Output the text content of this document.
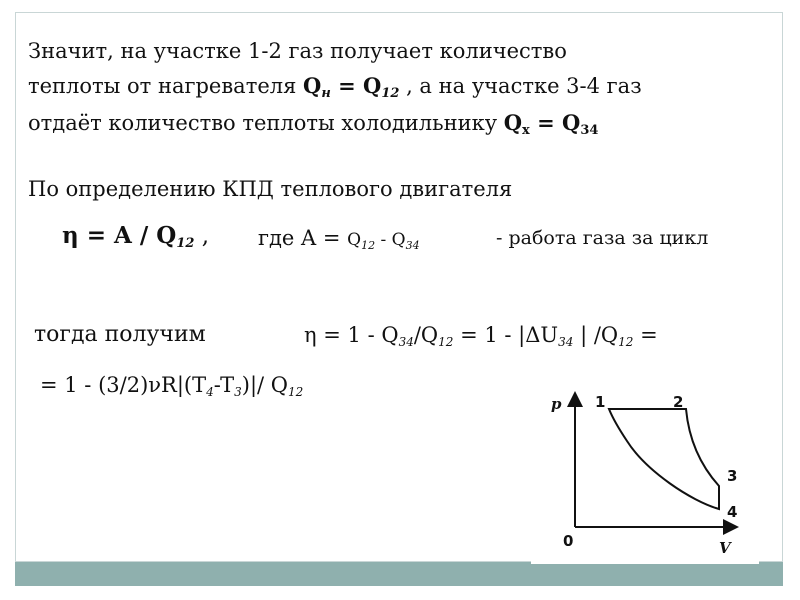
Значит, на участке 1-2 газ получает количество
теплоты от нагревателя Qн = Q12 , а на участке 3-4 газ
отдаёт количество теплоты холодильнику Qх = Q34
По определению КПД теплового двигателя
η = A / Q12 , где A = Q12 - Q34	- работа газа за цикл
тогда получим	$\eta = 1 - Q_{34}/Q_{12} = 1 - |\Delta U_{34}$ | $/Q_{12}$ =
= $1 - (3/2)\nu R|(T_4-T_3)|/$ $Q_{12}$
p
V
0
1	2
3
4
